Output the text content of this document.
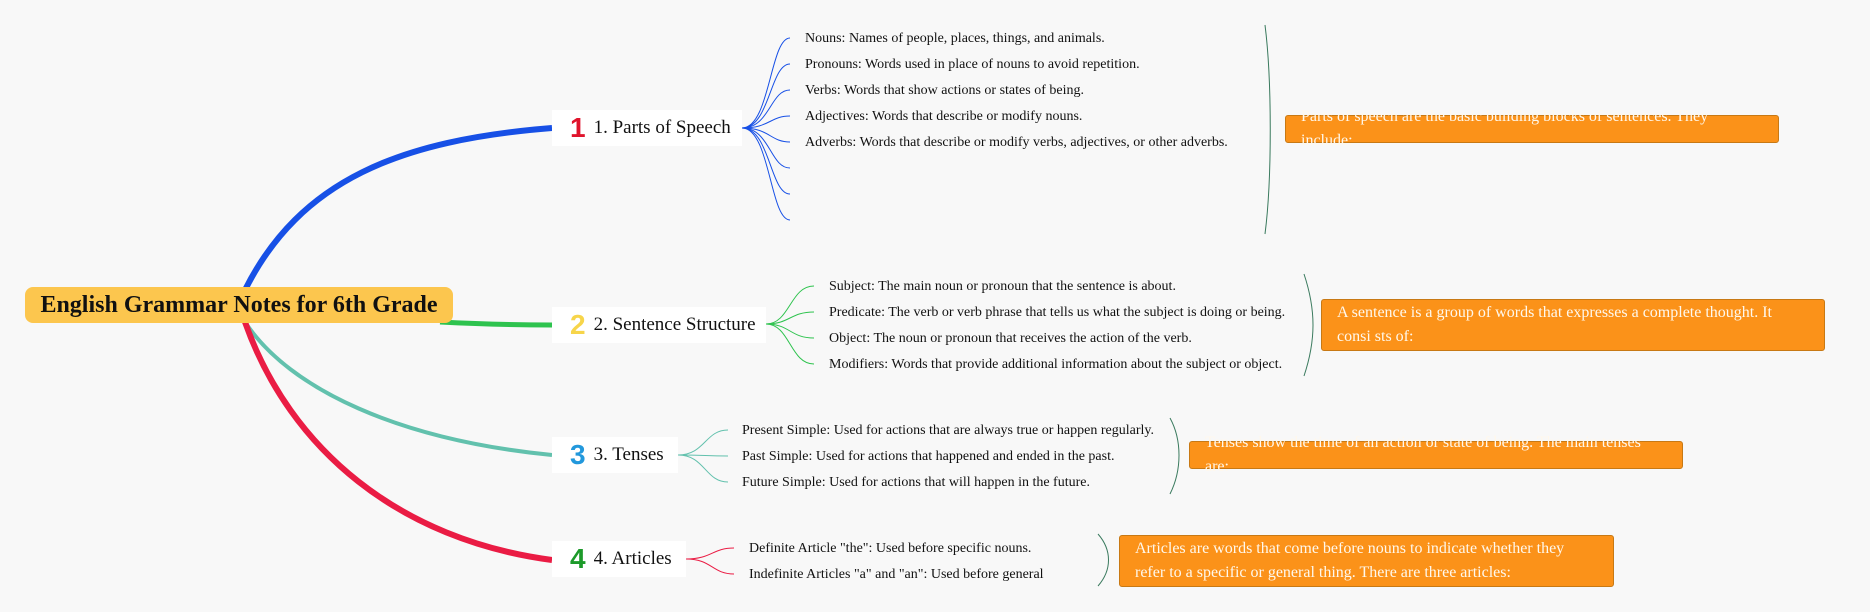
English Grammar Notes for 6th Grade
1 1. Parts of Speech
Nouns: Names of people, places, things, and animals.
Pronouns: Words used in place of nouns to avoid repetition.
Verbs: Words that show actions or states of being.
Adjectives: Words that describe or modify nouns.
Adverbs: Words that describe or modify verbs, adjectives, or other adverbs.
Parts of speech are the basic building blocks of sentences. They include:
2 2. Sentence Structure
Subject: The main noun or pronoun that the sentence is about.
Predicate: The verb or verb phrase that tells us what the subject is doing or being.
Object: The noun or pronoun that receives the action of the verb.
Modifiers: Words that provide additional information about the subject or object.
A sentence is a group of words that expresses a complete thought. It consi sts of:
3 3. Tenses
Present Simple: Used for actions that are always true or happen regularly.
Past Simple: Used for actions that happened and ended in the past.
Future Simple: Used for actions that will happen in the future.
Tenses show the time of an action or state of being. The main tenses are:
4 4. Articles	Definite Article "the": Used before specific nouns.
Indefinite Articles "a" and "an": Used before general
Articles are words that come before nouns to indicate whether they refer to a specific or general thing. There are three articles:
